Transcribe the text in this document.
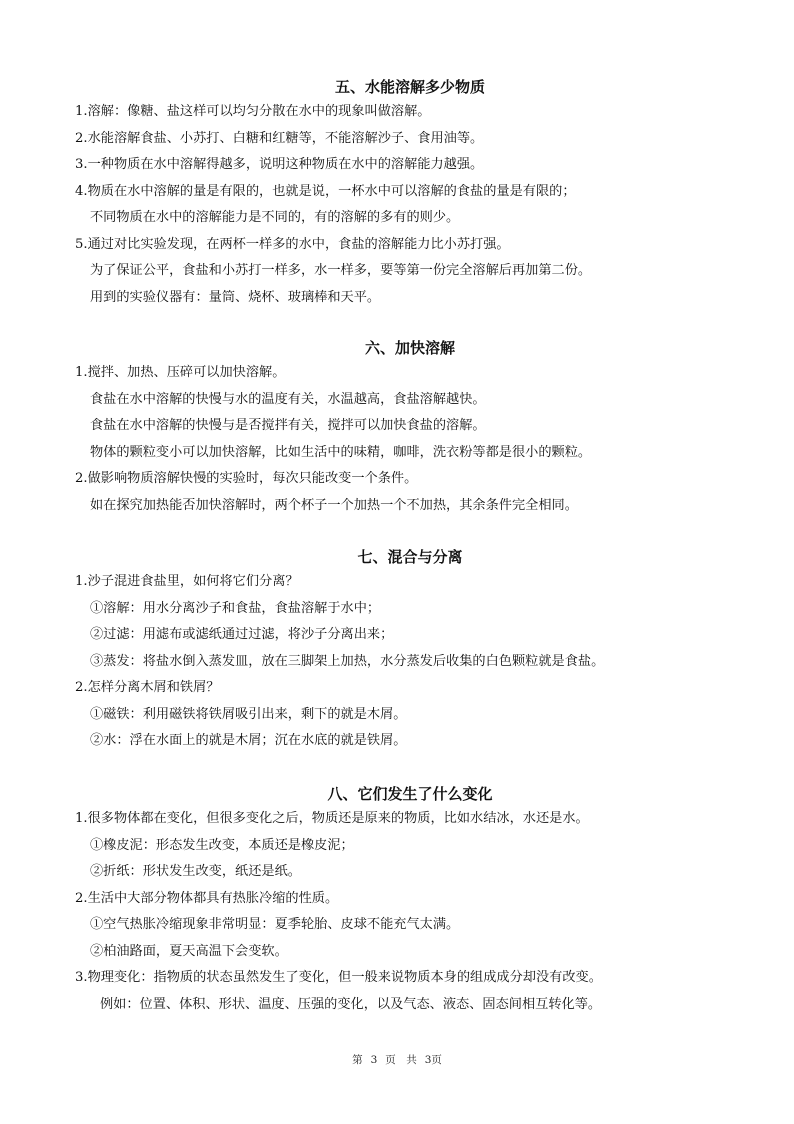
五、水能溶解多少物质
1.溶解：像糖、盐这样可以均匀分散在水中的现象叫做溶解。
2.水能溶解食盐、小苏打、白糖和红糖等，不能溶解沙子、食用油等。
3.一种物质在水中溶解得越多，说明这种物质在水中的溶解能力越强。
4.物质在水中溶解的量是有限的，也就是说，一杯水中可以溶解的食盐的量是有限的；
不同物质在水中的溶解能力是不同的，有的溶解的多有的则少。
5.通过对比实验发现，在两杯一样多的水中，食盐的溶解能力比小苏打强。
为了保证公平，食盐和小苏打一样多，水一样多，要等第一份完全溶解后再加第二份。
用到的实验仪器有：量筒、烧杯、玻璃棒和天平。
六、加快溶解
1.搅拌、加热、压碎可以加快溶解。
食盐在水中溶解的快慢与水的温度有关，水温越高，食盐溶解越快。
食盐在水中溶解的快慢与是否搅拌有关，搅拌可以加快食盐的溶解。
物体的颗粒变小可以加快溶解，比如生活中的味精，咖啡，洗衣粉等都是很小的颗粒。
2.做影响物质溶解快慢的实验时，每次只能改变一个条件。
如在探究加热能否加快溶解时，两个杯子一个加热一个不加热，其余条件完全相同。
七、混合与分离
1.沙子混进食盐里，如何将它们分离？
①溶解：用水分离沙子和食盐，食盐溶解于水中；
②过滤：用滤布或滤纸通过过滤，将沙子分离出来；
③蒸发：将盐水倒入蒸发皿，放在三脚架上加热，水分蒸发后收集的白色颗粒就是食盐。
2.怎样分离木屑和铁屑？
①磁铁：利用磁铁将铁屑吸引出来，剩下的就是木屑。
②水：浮在水面上的就是木屑；沉在水底的就是铁屑。
八、它们发生了什么变化
1.很多物体都在变化，但很多变化之后，物质还是原来的物质，比如水结冰，水还是水。
①橡皮泥：形态发生改变，本质还是橡皮泥；
②折纸：形状发生改变，纸还是纸。
2.生活中大部分物体都具有热胀冷缩的性质。
①空气热胀冷缩现象非常明显：夏季轮胎、皮球不能充气太满。
②柏油路面，夏天高温下会变软。
3.物理变化：指物质的状态虽然发生了变化，但一般来说物质本身的组成成分却没有改变。
例如：位置、体积、形状、温度、压强的变化，以及气态、液态、固态间相互转化等。
第 3 页　共 3页
